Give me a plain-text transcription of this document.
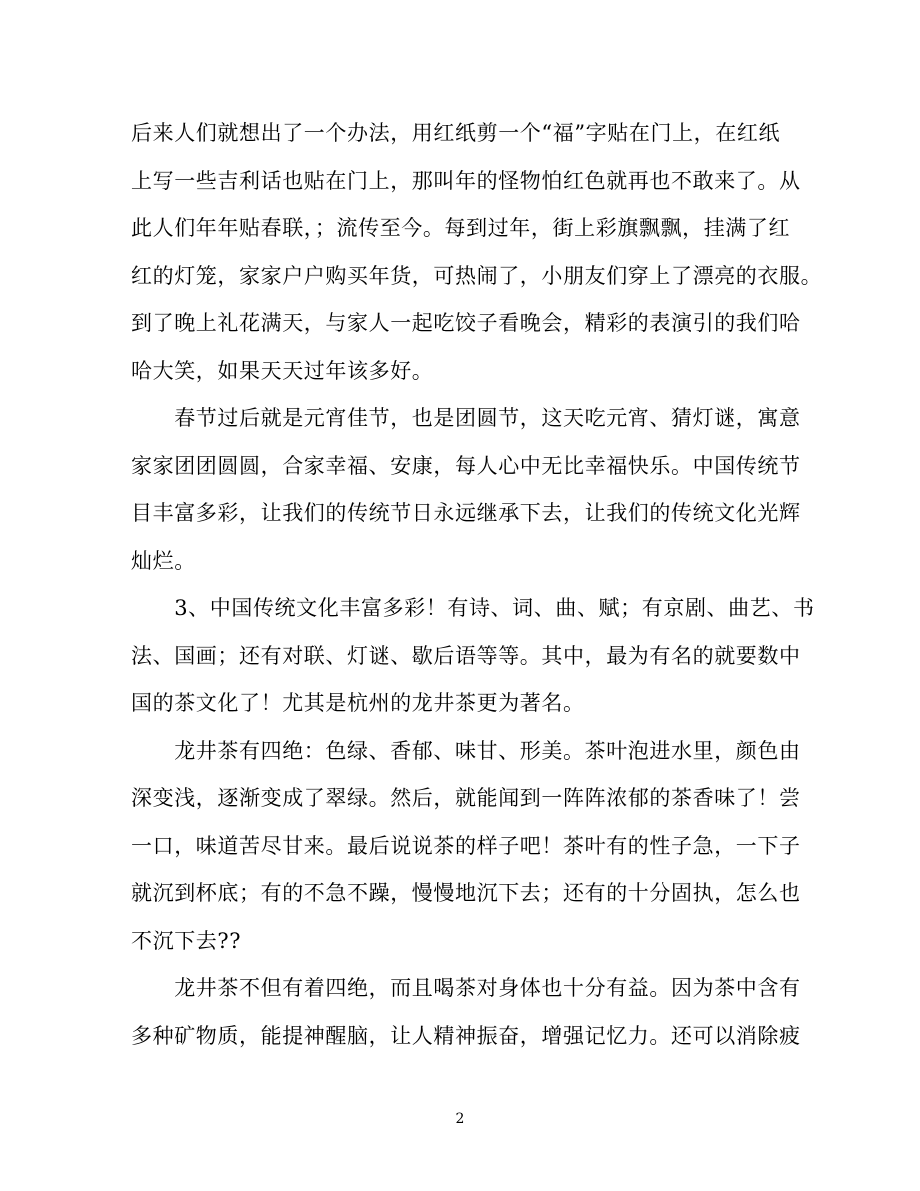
后来人们就想出了一个办法，用红纸剪一个“福”字贴在门上，在红纸
上写一些吉利话也贴在门上，那叫年的怪物怕红色就再也不敢来了。从
此人们年年贴春联，；流传至今。每到过年，街上彩旗飘飘，挂满了红
红的灯笼，家家户户购买年货，可热闹了，小朋友们穿上了漂亮的衣服。
到了晚上礼花满天，与家人一起吃饺子看晚会，精彩的表演引的我们哈
哈大笑，如果天天过年该多好。
　　春节过后就是元宵佳节，也是团圆节，这天吃元宵、猜灯谜，寓意
家家团团圆圆，合家幸福、安康，每人心中无比幸福快乐。中国传统节
目丰富多彩，让我们的传统节日永远继承下去，让我们的传统文化光辉
灿烂。
　　3、中国传统文化丰富多彩！有诗、词、曲、赋；有京剧、曲艺、书
法、国画；还有对联、灯谜、歇后语等等。其中，最为有名的就要数中
国的茶文化了！尤其是杭州的龙井茶更为著名。
　　龙井茶有四绝：色绿、香郁、味甘、形美。茶叶泡进水里，颜色由
深变浅，逐渐变成了翠绿。然后，就能闻到一阵阵浓郁的茶香味了！尝
一口，味道苦尽甘来。最后说说茶的样子吧！茶叶有的性子急，一下子
就沉到杯底；有的不急不躁，慢慢地沉下去；还有的十分固执，怎么也
不沉下去??
　　龙井茶不但有着四绝，而且喝茶对身体也十分有益。因为茶中含有
多种矿物质，能提神醒脑，让人精神振奋，增强记忆力。还可以消除疲
2
